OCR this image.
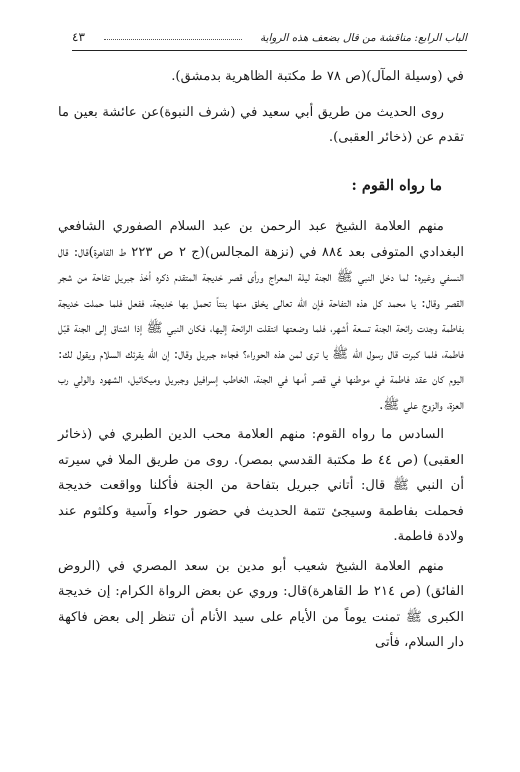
الباب الرابع: مناقشة من قال بضعف هذه الرواية
٤٣

في (وسيلة المآل)(ص ٧٨ ط مكتبة الظاهرية بدمشق).

روى الحديث من طريق أبي سعيد في (شرف النبوة)عن عائشة بعين ما تقدم عن (ذخائر العقبى).

ما رواه القوم :

منهم العلامة الشيخ عبد الرحمن بن عبد السلام الصفوري الشافعي البغدادي المتوفى بعد ٨٨٤ في (نزهة المجالس)(ج ٢ ص ٢٢٣ ط القاهرة)قال: قال النسفي وغيره: لما دخل النبي ﷺ الجنة ليلة المعراج ورأى قصر خديجة المتقدم ذكره أخذ جبريل تفاحة من شجر القصر وقال: يا محمد كل هذه التفاحة فإن الله تعالى يخلق منها بنتاً تحمل بها خديجة، ففعل فلما حملت خديجة بفاطمة وجدت رائحة الجنة تسعة أشهر، فلما وضعتها انتقلت الرائحة إليها، فكان النبي ﷺ إذا اشتاق إلى الجنة قبّل فاطمة، فلما كبرت قال رسول الله ﷺ يا ترى لمن هذه الحوراء؟ فجاءه جبريل وقال: إن الله يقرئك السلام ويقول لك: اليوم كان عقد فاطمة في موطنها في قصر أمها في الجنة، الخاطب إسرافيل وجبريل وميكائيل، الشهود والولي رب العزة، والزوج علي ﷺ.

السادس ما رواه القوم: منهم العلامة محب الدين الطبري في (ذخائر العقبى) (ص ٤٤ ط مكتبة القدسي بمصر). روى من طريق الملا في سيرته أن النبي ﷺ قال: أتاني جبريل بتفاحة من الجنة فأكلنا وواقعت خديجة فحملت بفاطمة وسيجئ تتمة الحديث في حضور حواء وآسية وكلثوم عند ولادة فاطمة.

منهم العلامة الشيخ شعيب أبو مدين بن سعد المصري في (الروض الفائق) (ص ٢١٤ ط القاهرة)قال: وروي عن بعض الرواة الكرام: إن خديجة الكبرى ﷺ تمنت يوماً من الأيام على سيد الأنام أن تنظر إلى بعض فاكهة دار السلام، فأتى
